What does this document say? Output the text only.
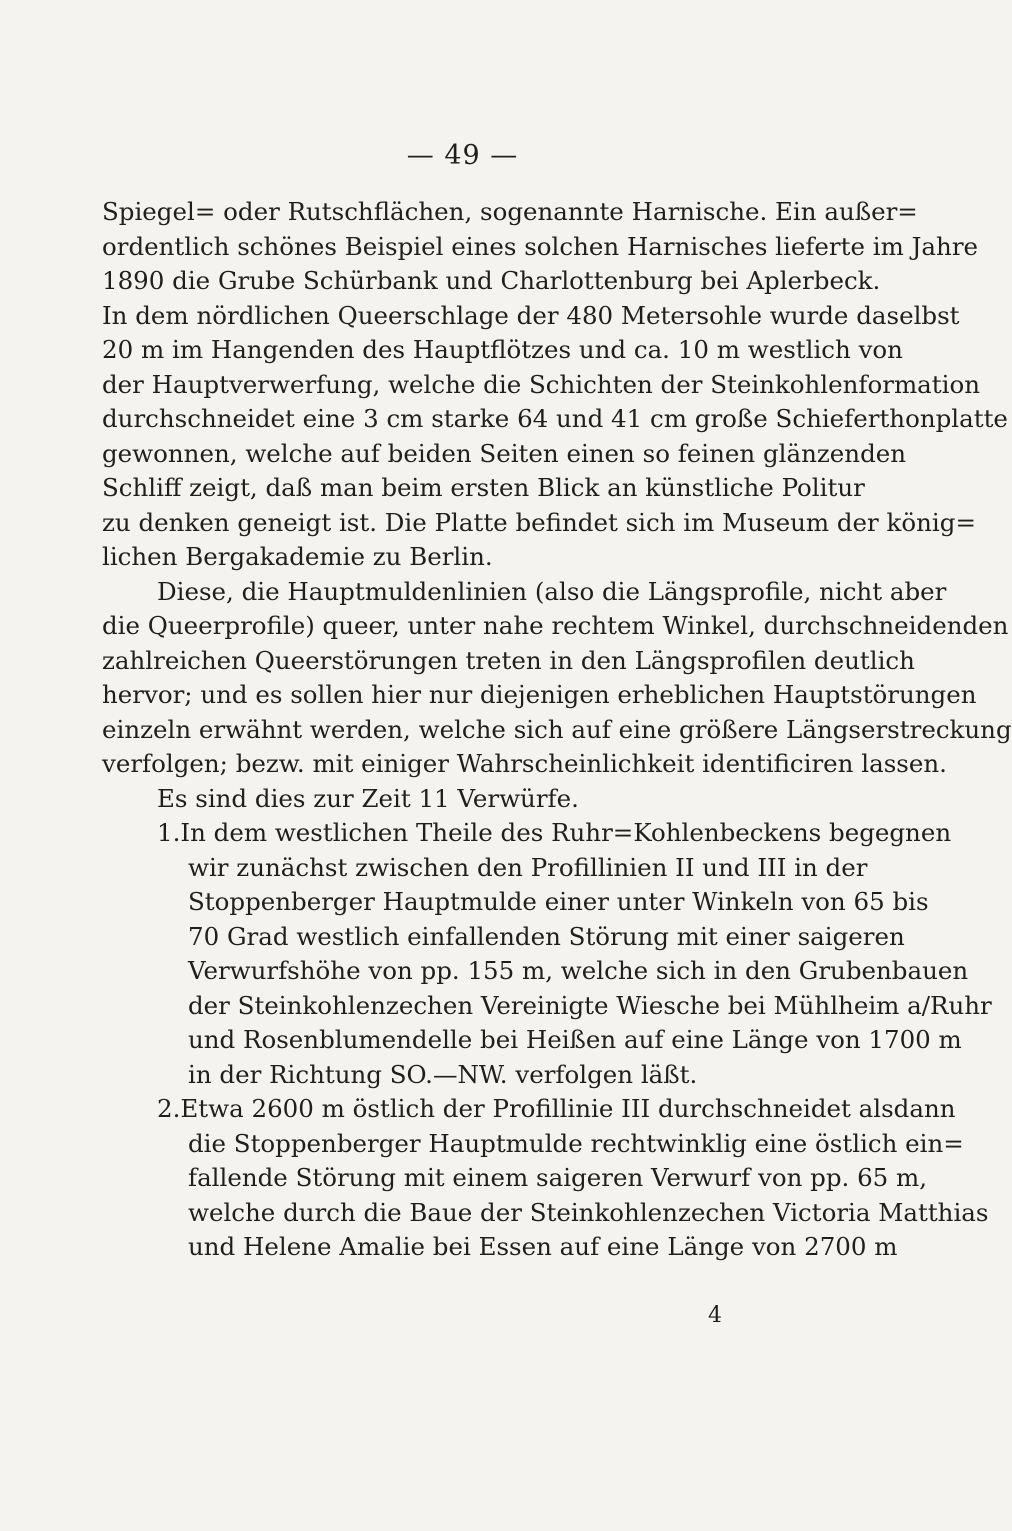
— 49 —
Spiegel= oder Rutschflächen, sogenannte Harnische. Ein außer=
ordentlich schönes Beispiel eines solchen Harnisches lieferte im Jahre
1890 die Grube Schürbank und Charlottenburg bei Aplerbeck.
In dem nördlichen Queerschlage der 480 Metersohle wurde daselbst
20 m im Hangenden des Hauptflötzes und ca. 10 m westlich von
der Hauptverwerfung, welche die Schichten der Steinkohlenformation
durchschneidet eine 3 cm starke 64 und 41 cm große Schieferthonplatte
gewonnen, welche auf beiden Seiten einen so feinen glänzenden
Schliff zeigt, daß man beim ersten Blick an künstliche Politur
zu denken geneigt ist. Die Platte befindet sich im Museum der könig=
lichen Bergakademie zu Berlin.
Diese, die Hauptmuldenlinien (also die Längsprofile, nicht aber
die Queerprofile) queer, unter nahe rechtem Winkel, durchschneidenden
zahlreichen Queerstörungen treten in den Längsprofilen deutlich
hervor; und es sollen hier nur diejenigen erheblichen Hauptstörungen
einzeln erwähnt werden, welche sich auf eine größere Längserstreckung
verfolgen; bezw. mit einiger Wahrscheinlichkeit identificiren lassen.
Es sind dies zur Zeit 11 Verwürfe.
1. In dem westlichen Theile des Ruhr=Kohlenbeckens begegnen
wir zunächst zwischen den Profillinien II und III in der
Stoppenberger Hauptmulde einer unter Winkeln von 65 bis
70 Grad westlich einfallenden Störung mit einer saigeren
Verwurfshöhe von pp. 155 m, welche sich in den Grubenbauen
der Steinkohlenzechen Vereinigte Wiesche bei Mühlheim a/Ruhr
und Rosenblumendelle bei Heißen auf eine Länge von 1700 m
in der Richtung SO.—NW. verfolgen läßt.
2. Etwa 2600 m östlich der Profillinie III durchschneidet alsdann
die Stoppenberger Hauptmulde rechtwinklig eine östlich ein=
fallende Störung mit einem saigeren Verwurf von pp. 65 m,
welche durch die Baue der Steinkohlenzechen Victoria Matthias
und Helene Amalie bei Essen auf eine Länge von 2700 m
4
